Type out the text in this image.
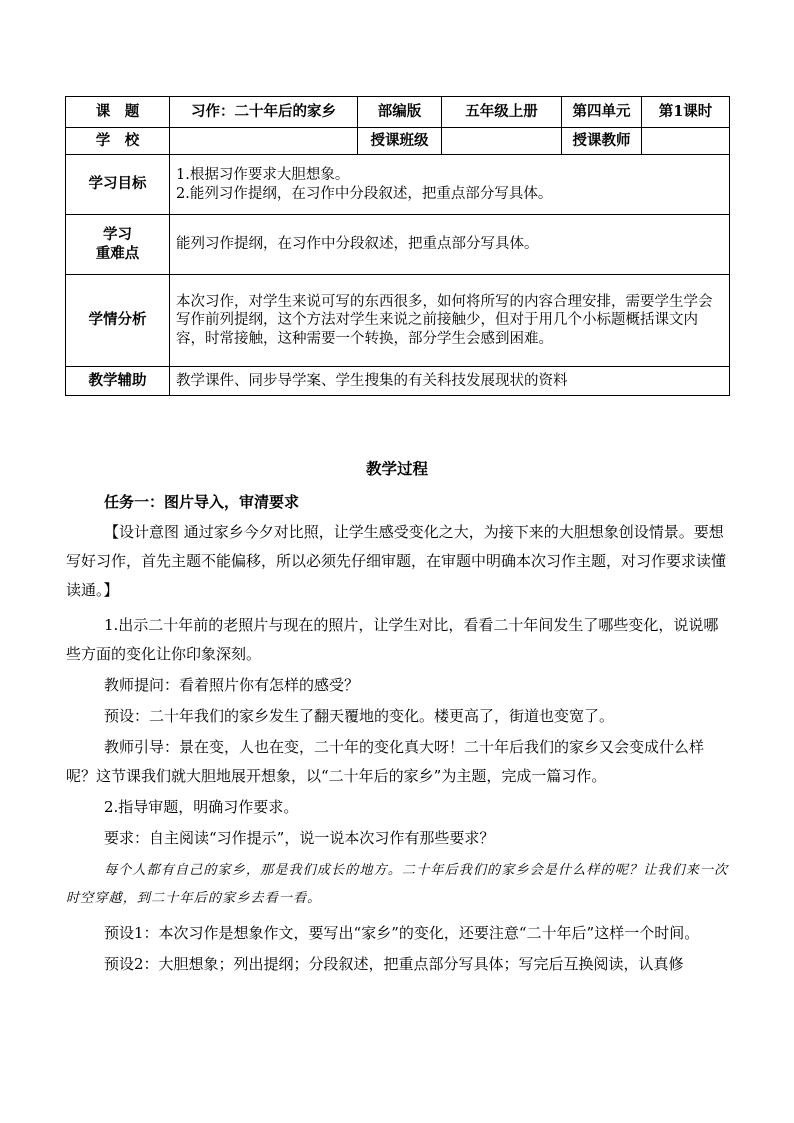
课　题	习作：二十年后的家乡	部编版	五年级上册	第四单元	第1课时
学　校		授课班级		授课教师	
学习目标	1.根据习作要求大胆想象。
2.能列习作提纲，在习作中分段叙述，把重点部分写具体。				

学习
重难点	能列习作提纲，在习作中分段叙述，把重点部分写具体。				
学情分析	本次习作，对学生来说可写的东西很多，如何将所写的内容合理安排，需要学生学会写作前列提纲，这个方法对学生来说之前接触少，但对于用几个小标题概括课文内容，时常接触，这种需要一个转换，部分学生会感到困难。				
教学辅助	教学课件、同步导学案、学生搜集的有关科技发展现状的资料				
教学过程

任务一：图片导入，审清要求

【设计意图 通过家乡今夕对比照，让学生感受变化之大，为接下来的大胆想象创设情景。要想写好习作，首先主题不能偏移，所以必须先仔细审题，在审题中明确本次习作主题，对习作要求读懂读通。】

1.出示二十年前的老照片与现在的照片，让学生对比，看看二十年间发生了哪些变化，说说哪些方面的变化让你印象深刻。

教师提问：看着照片你有怎样的感受？

预设：二十年我们的家乡发生了翻天覆地的变化。楼更高了，街道也变宽了。

教师引导：景在变，人也在变，二十年的变化真大呀！二十年后我们的家乡又会变成什么样呢？这节课我们就大胆地展开想象，以“二十年后的家乡”为主题，完成一篇习作。

2.指导审题，明确习作要求。

要求：自主阅读“习作提示”，说一说本次习作有那些要求？

每个人都有自己的家乡，那是我们成长的地方。二十年后我们的家乡会是什么样的呢？让我们来一次时空穿越，到二十年后的家乡去看一看。

预设1：本次习作是想象作文，要写出“家乡”的变化，还要注意“二十年后”这样一个时间。

预设2：大胆想象；列出提纲；分段叙述，把重点部分写具体；写完后互换阅读，认真修
